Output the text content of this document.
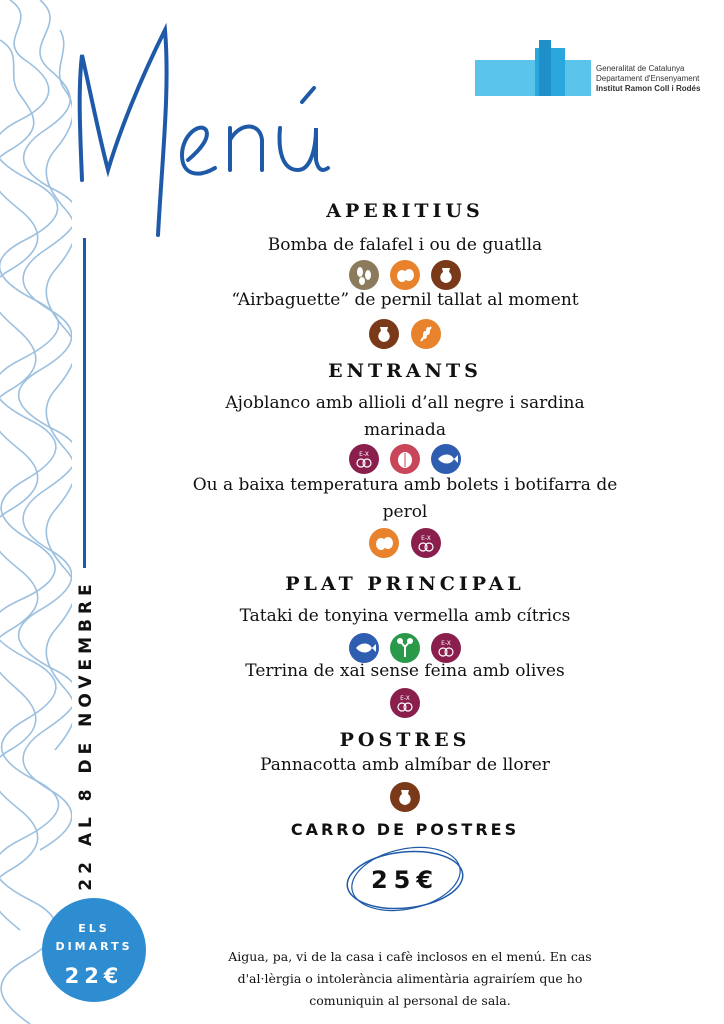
Menú
22 AL 8 DE NOVEMBRE
Generalitat de Catalunya
Departament d'Ensenyament
Institut Ramon Coll i Rodés
APERITIUS
Bomba de falafel i ou de guatlla

“Airbaguette” de pernil tallat al moment

ENTRANTS
Ajoblanco amb allioli d’all negre i sardina
marinada
E-X

Ou a baixa temperatura amb bolets i botifarra de
perol

E-X
PLAT PRINCIPAL
Tataki de tonyina vermella amb cítrics

E-X
Terrina de xai sense feina amb olives
E-X
POSTRES
Pannacotta amb almíbar de llorer
CARRO DE POSTRES
25€
ELS
DIMARTS
22€
Aigua, pa, vi de la casa i cafè inclosos en el menú. En cas
d'al·lèrgia o intolerància alimentària agrairíem que ho
comuniquin al personal de sala.
